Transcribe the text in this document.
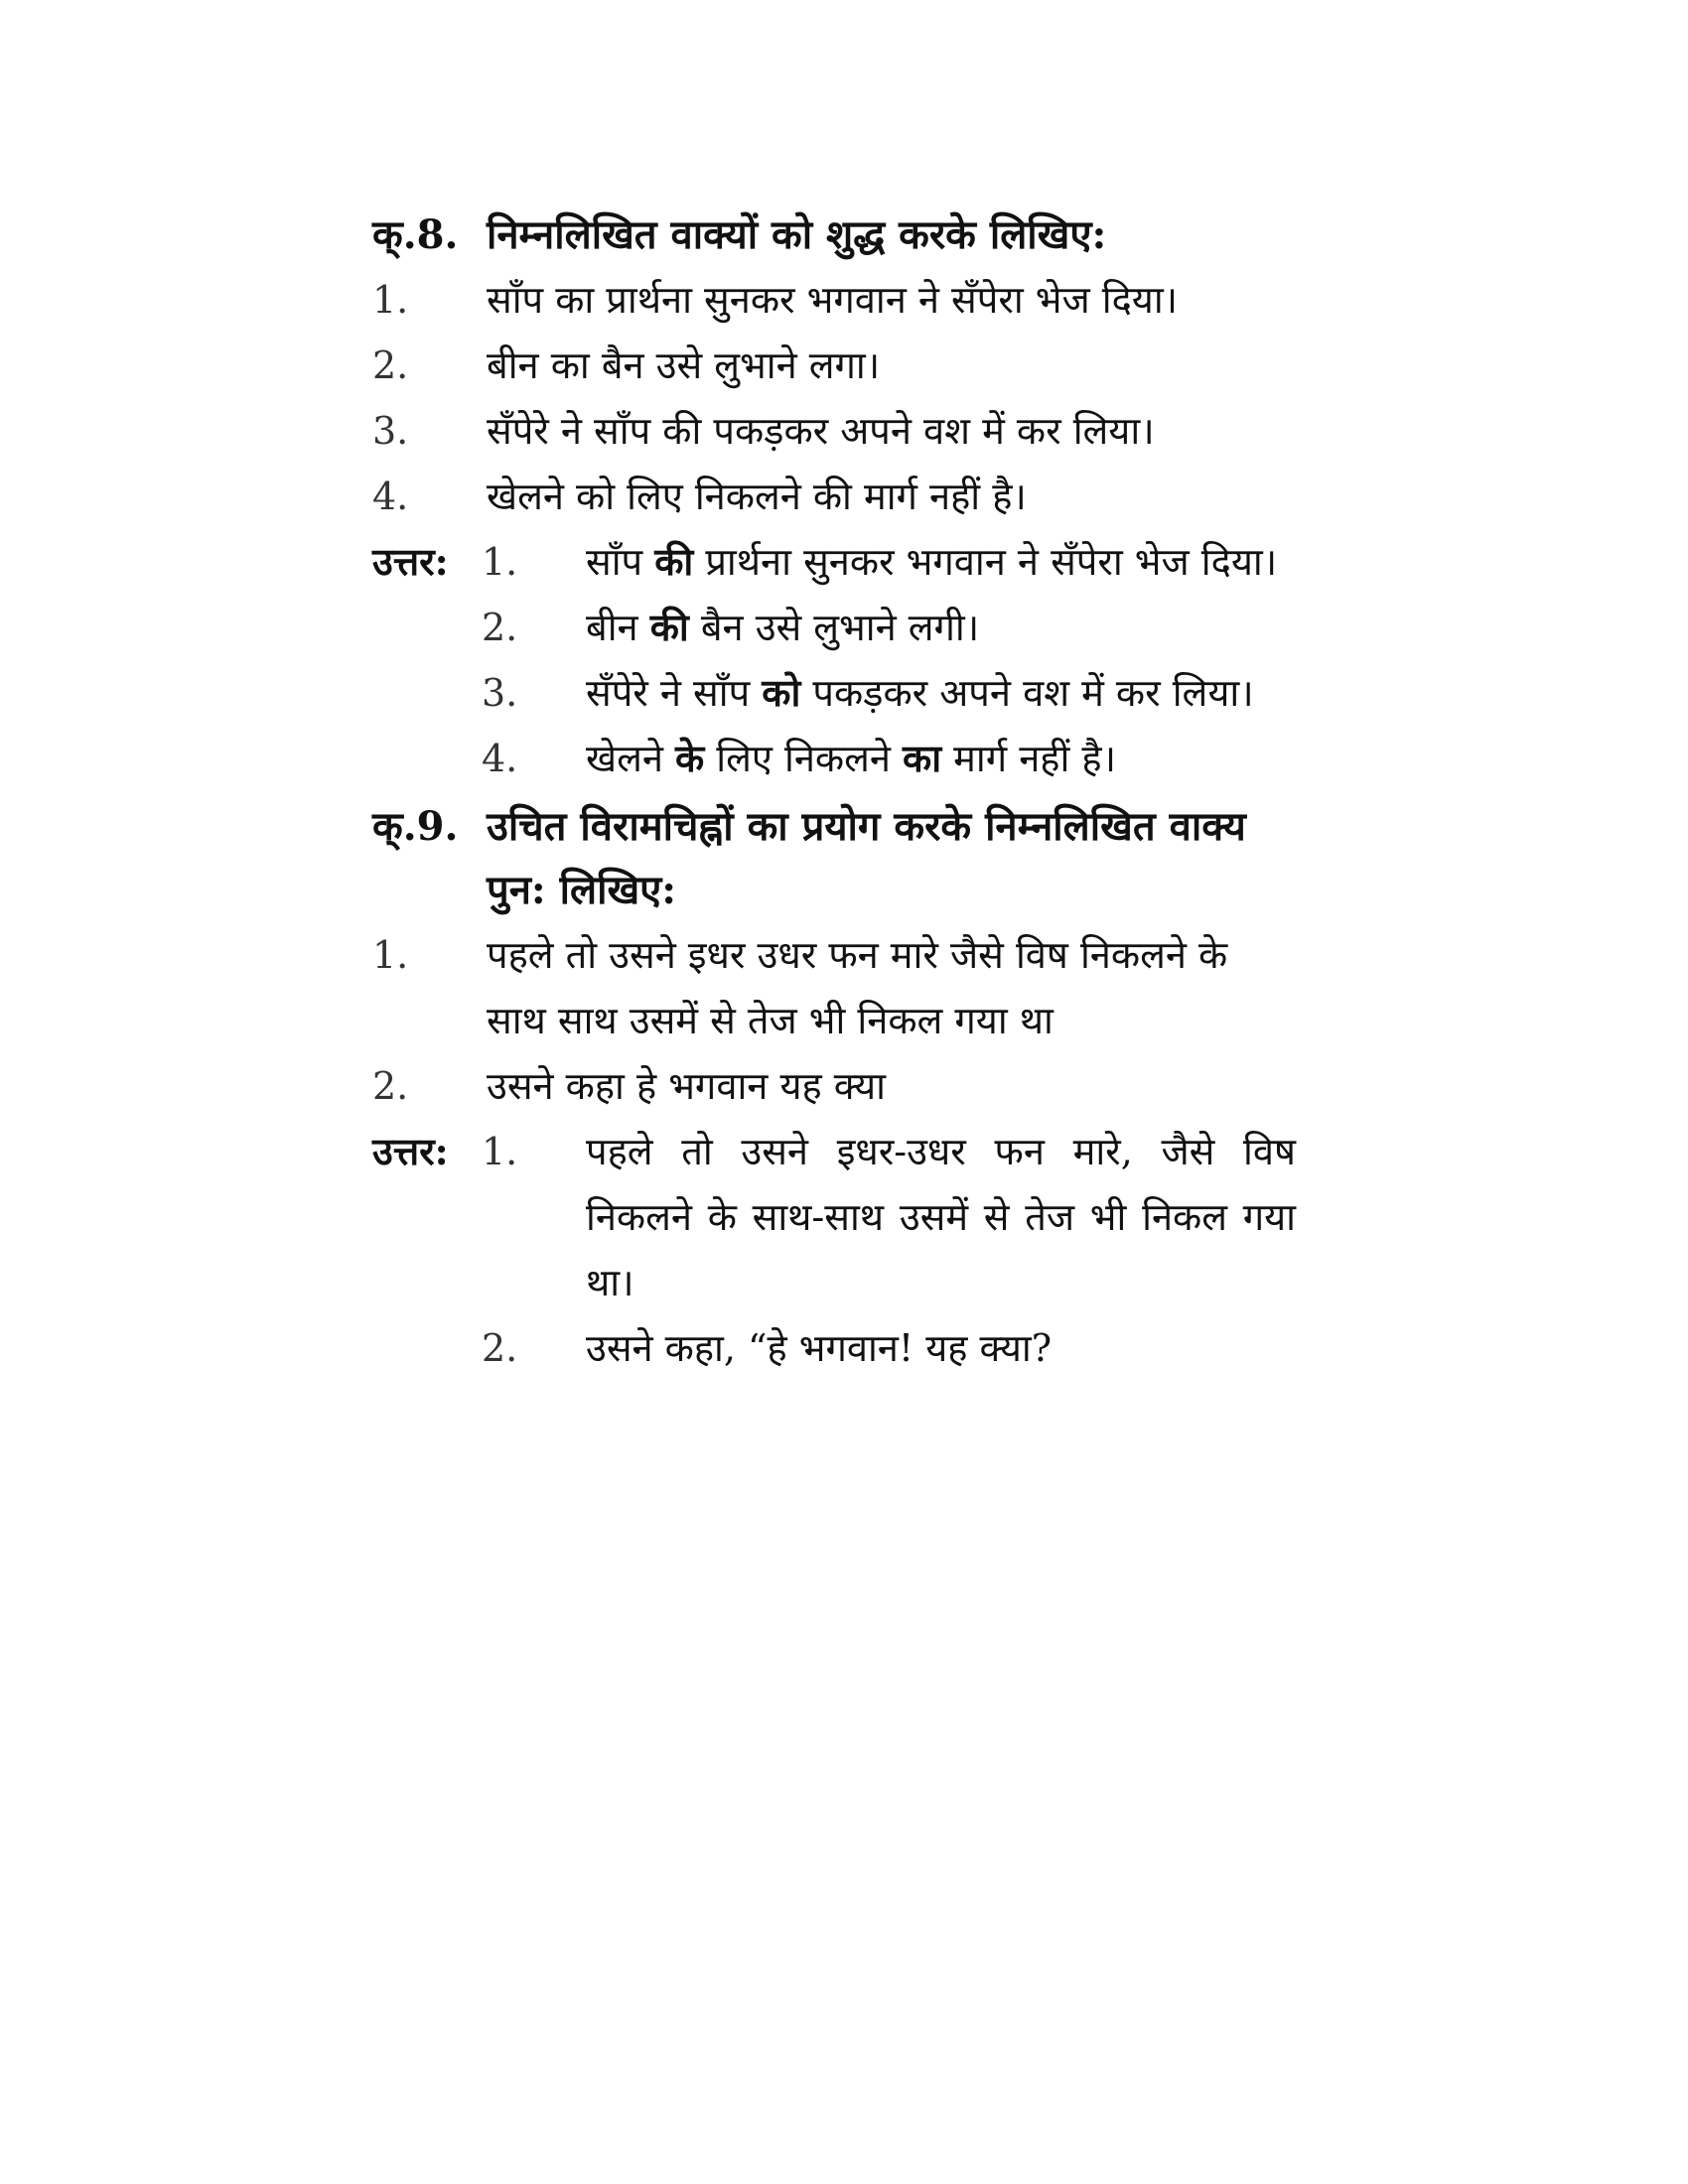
क्.8. निम्नलिखित वाक्यों को शुद्ध करके लिखिए:
1.	साँप का प्रार्थना सुनकर भगवान ने सँपेरा भेज दिया।
2.	बीन का बैन उसे लुभाने लगा।
3.	सँपेरे ने साँप की पकड़कर अपने वश में कर लिया।
4.	खेलने को लिए निकलने की मार्ग नहीं है।
उत्तर: 1.	साँप की प्रार्थना सुनकर भगवान ने सँपेरा भेज दिया।
2.	बीन की बैन उसे लुभाने लगी।
3.	सँपेरे ने साँप को पकड़कर अपने वश में कर लिया।
4.	खेलने के लिए निकलने का मार्ग नहीं है।
क्.9. उचित विरामचिह्नों का प्रयोग करके निम्नलिखित वाक्य पुन: लिखिए:
1.	पहले तो उसने इधर उधर फन मारे जैसे विष निकलने के साथ साथ उसमें से तेज भी निकल गया था
2.	उसने कहा हे भगवान यह क्या
उत्तर: 1.	पहले तो उसने इधर-उधर फन मारे, जैसे विष निकलने के साथ-साथ उसमें से तेज भी निकल गया था।
2.	उसने कहा, “हे भगवान! यह क्या?
